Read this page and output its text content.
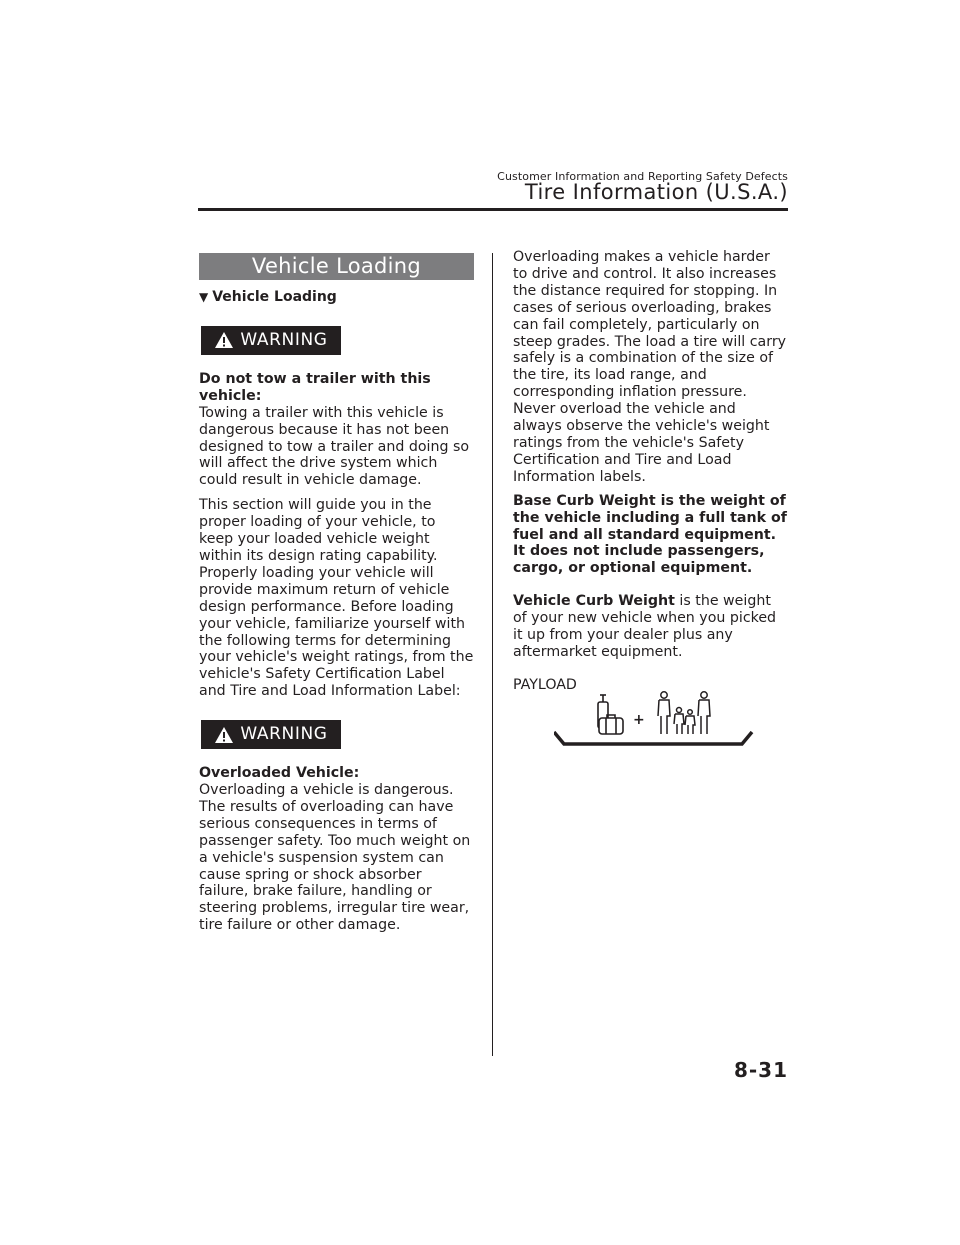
Customer Information and Reporting Safety Defects
Tire Information (U.S.A.)
Vehicle Loading
▼ Vehicle Loading
WARNING

Do not tow a trailer with this vehicle:

Towing a trailer with this vehicle is dangerous because it has not been designed to tow a trailer and doing so will affect the drive system which could result in vehicle damage.

This section will guide you in the proper loading of your vehicle, to keep your loaded vehicle weight within its design rating capability. Properly loading your vehicle will provide maximum return of vehicle design performance. Before loading your vehicle, familiarize yourself with the following terms for determining your vehicle's weight ratings, from the vehicle's Safety Certification Label and Tire and Load Information Label:

WARNING

Overloaded Vehicle:

Overloading a vehicle is dangerous. The results of overloading can have serious consequences in terms of passenger safety. Too much weight on a vehicle's suspension system can cause spring or shock absorber failure, brake failure, handling or steering problems, irregular tire wear, tire failure or other damage.

Overloading makes a vehicle harder to drive and control. It also increases the distance required for stopping. In cases of serious overloading, brakes can fail completely, particularly on steep grades. The load a tire will carry safely is a combination of the size of the tire, its load range, and corresponding inflation pressure.

Never overload the vehicle and always observe the vehicle's weight ratings from the vehicle's Safety Certification and Tire and Load Information labels.

Base Curb Weight is the weight of the vehicle including a full tank of fuel and all standard equipment. It does not include passengers, cargo, or optional equipment.

Vehicle Curb Weight is the weight of your new vehicle when you picked it up from your dealer plus any aftermarket equipment.

PAYLOAD

+
8-31
